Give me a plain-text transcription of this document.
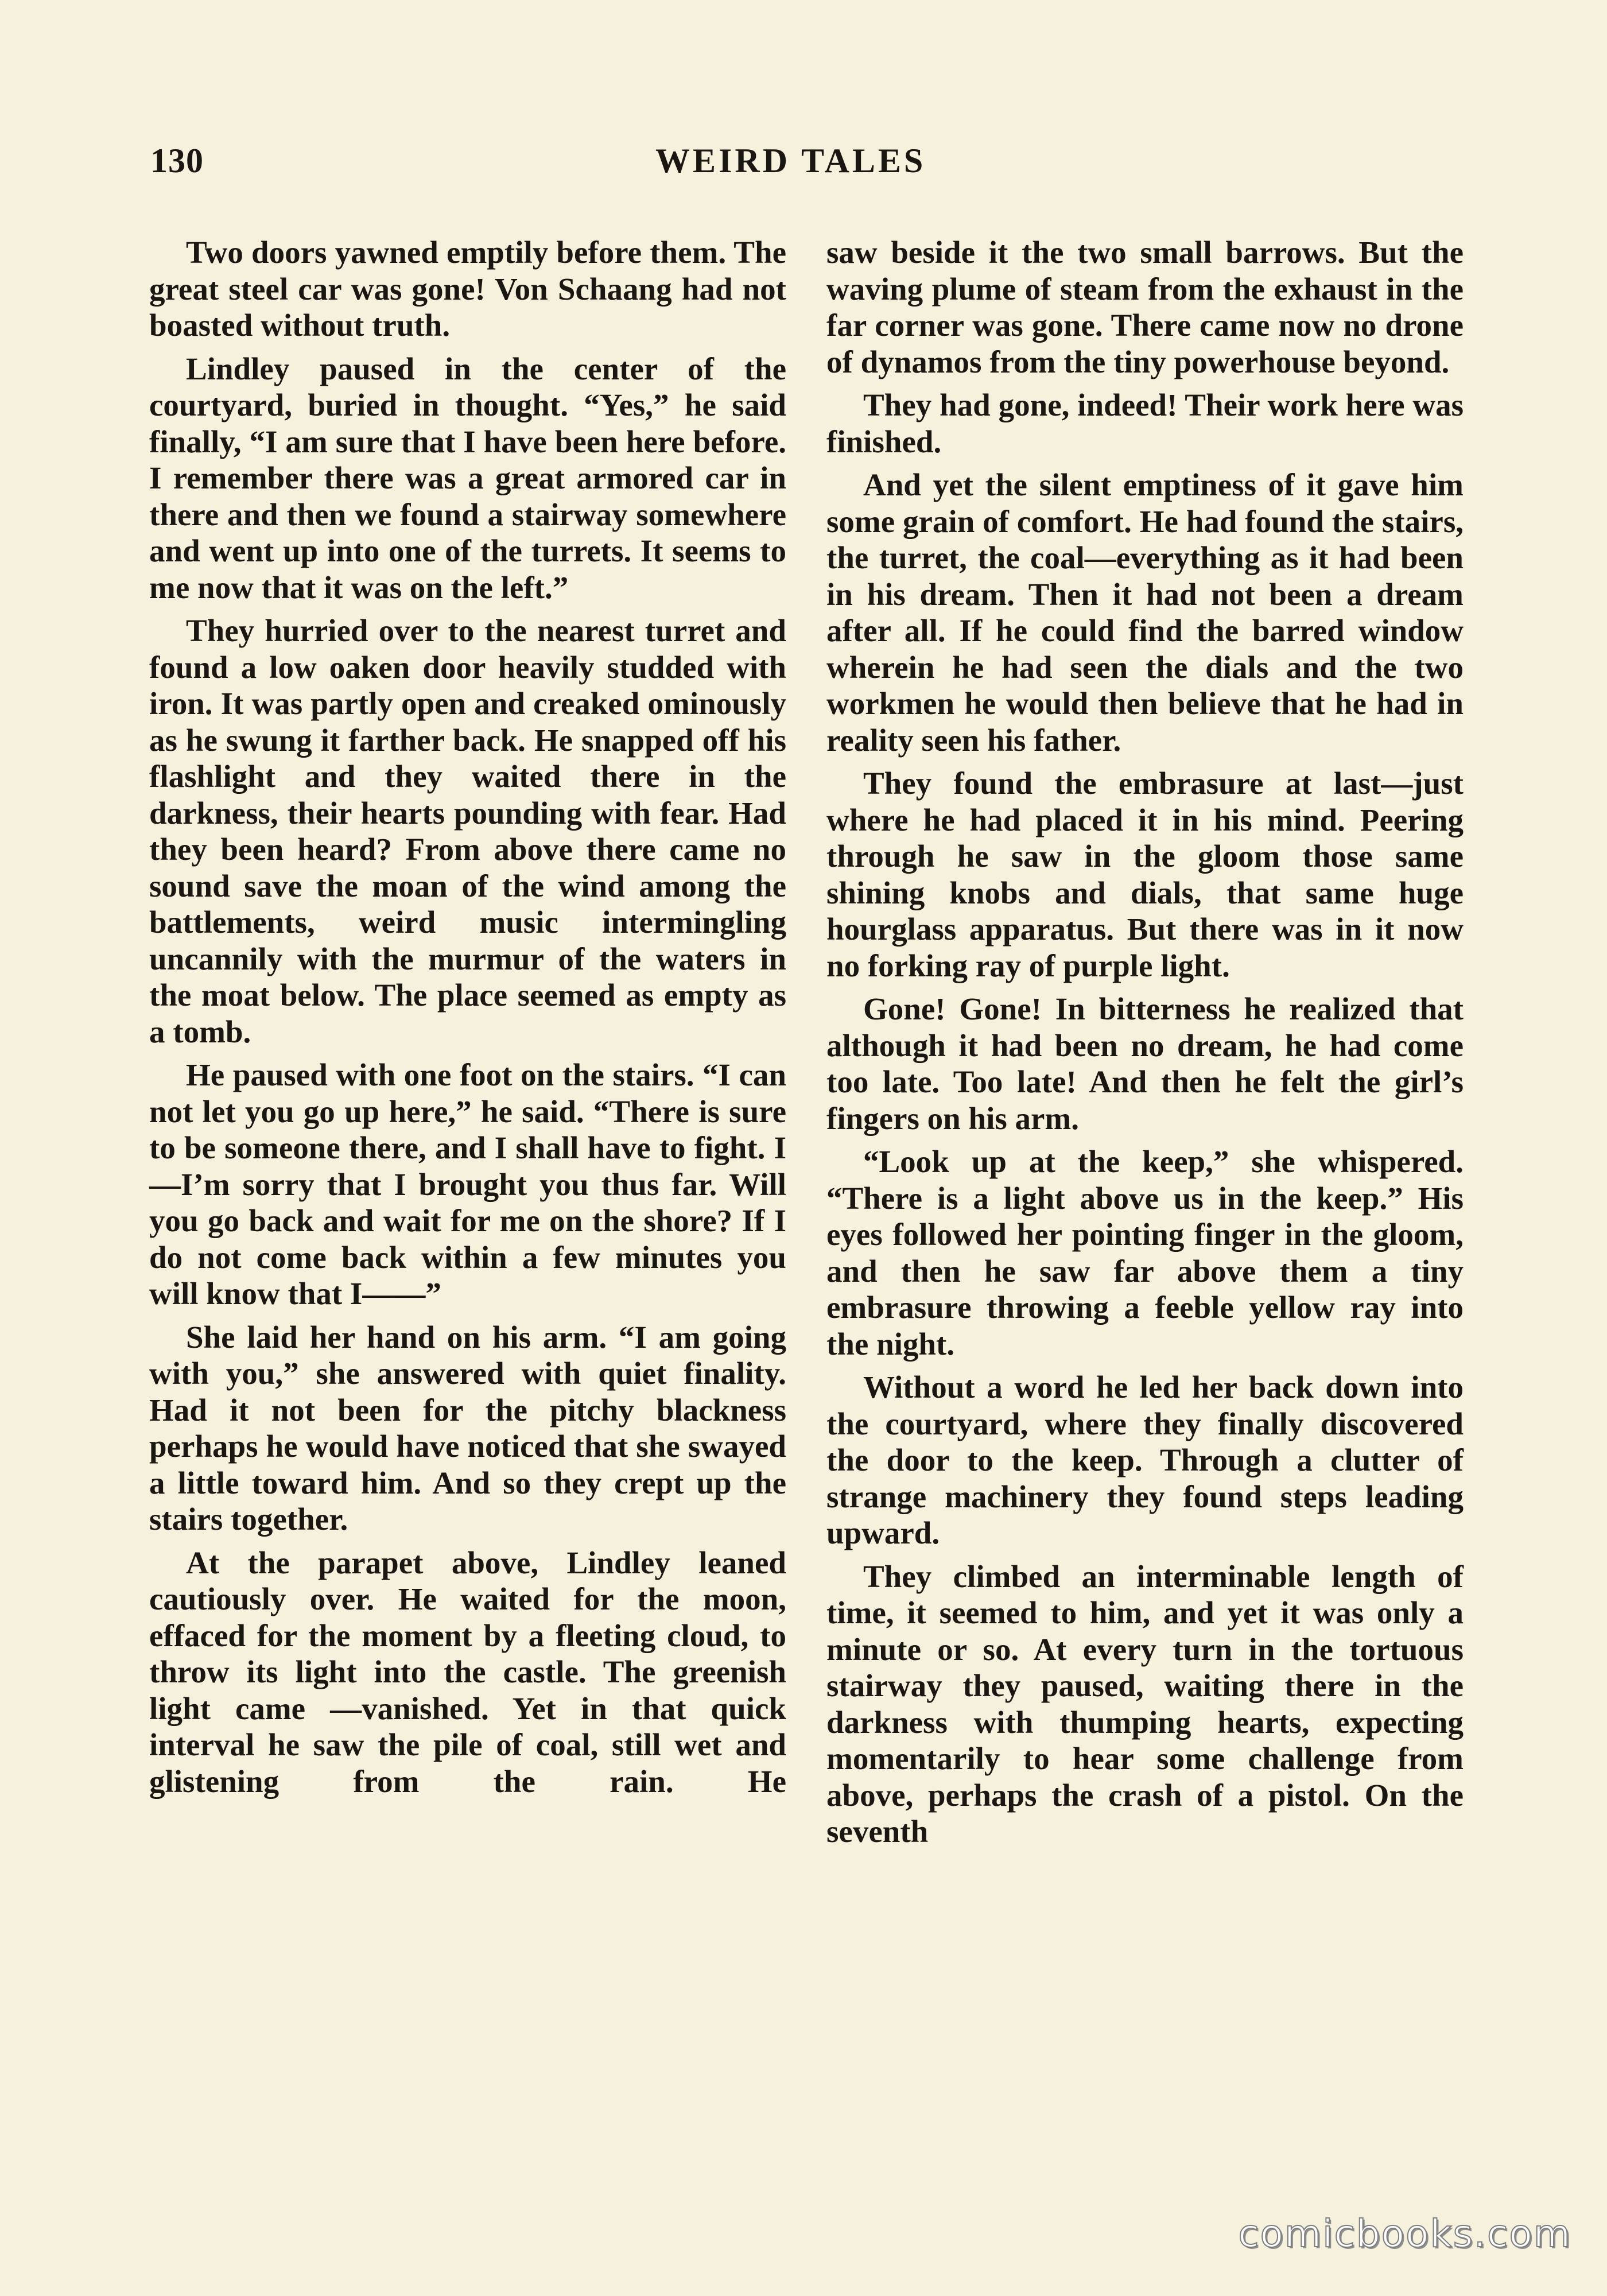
130	WEIRD TALES

Two doors yawned emptily before them. The great steel car was gone! Von Schaang had not boasted without truth.

Lindley paused in the center of the courtyard, buried in thought. “Yes,” he said finally, “I am sure that I have been here before. I remember there was a great armored car in there and then we found a stairway somewhere and went up into one of the turrets. It seems to me now that it was on the left.”

They hurried over to the nearest turret and found a low oaken door heavily studded with iron. It was partly open and creaked ominously as he swung it farther back. He snapped off his flashlight and they waited there in the darkness, their hearts pounding with fear. Had they been heard? From above there came no sound save the moan of the wind among the battlements, weird music intermingling uncannily with the murmur of the waters in the moat below. The place seemed as empty as a tomb.

He paused with one foot on the stairs. “I can not let you go up here,” he said. “There is sure to be someone there, and I shall have to fight. I—I’m sorry that I brought you thus far. Will you go back and wait for me on the shore? If I do not come back within a few minutes you will know that I——”

She laid her hand on his arm. “I am going with you,” she answered with quiet finality. Had it not been for the pitchy blackness perhaps he would have noticed that she swayed a little toward him. And so they crept up the stairs together.

At the parapet above, Lindley leaned cautiously over. He waited for the moon, effaced for the moment by a fleeting cloud, to throw its light into the castle. The greenish light came —vanished. Yet in that quick interval he saw the pile of coal, still wet and glistening from the rain. He

saw beside it the two small barrows. But the waving plume of steam from the exhaust in the far corner was gone. There came now no drone of dynamos from the tiny powerhouse beyond.

They had gone, indeed! Their work here was finished.

And yet the silent emptiness of it gave him some grain of comfort. He had found the stairs, the turret, the coal—everything as it had been in his dream. Then it had not been a dream after all. If he could find the barred window wherein he had seen the dials and the two workmen he would then believe that he had in reality seen his father.

They found the embrasure at last—just where he had placed it in his mind. Peering through he saw in the gloom those same shining knobs and dials, that same huge hourglass apparatus. But there was in it now no forking ray of purple light.

Gone! Gone! In bitterness he realized that although it had been no dream, he had come too late. Too late! And then he felt the girl’s fingers on his arm.

“Look up at the keep,” she whispered. “There is a light above us in the keep.” His eyes followed her pointing finger in the gloom, and then he saw far above them a tiny embrasure throwing a feeble yellow ray into the night.

Without a word he led her back down into the courtyard, where they finally discovered the door to the keep. Through a clutter of strange machinery they found steps leading upward.

They climbed an interminable length of time, it seemed to him, and yet it was only a minute or so. At every turn in the tortuous stairway they paused, waiting there in the darkness with thumping hearts, expecting momentarily to hear some challenge from above, perhaps the crash of a pistol. On the seventh

comicbooks.com
